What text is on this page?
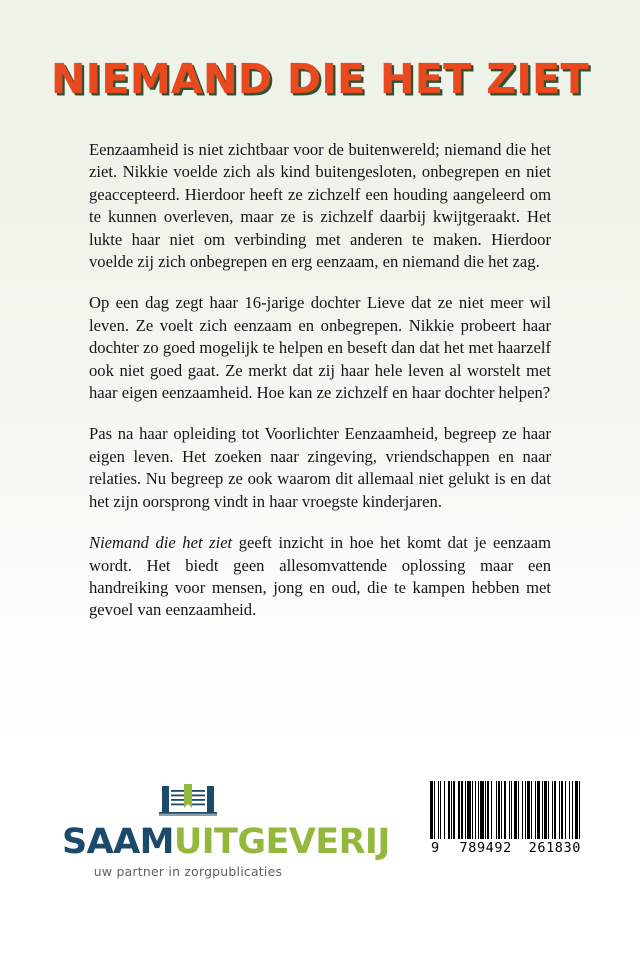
NIEMAND DIE HET ZIET

Eenzaamheid is niet zichtbaar voor de buitenwereld; niemand die het ziet. Nikkie voelde zich als kind buitengesloten, onbegrepen en niet geaccepteerd. Hierdoor heeft ze zichzelf een houding aangeleerd om te kunnen overleven, maar ze is zichzelf daarbij kwijtgeraakt. Het lukte haar niet om verbinding met anderen te maken. Hierdoor voelde zij zich onbegrepen en erg eenzaam, en niemand die het zag.

Op een dag zegt haar 16-jarige dochter Lieve dat ze niet meer wil leven. Ze voelt zich eenzaam en onbegrepen. Nikkie probeert haar dochter zo goed mogelijk te helpen en beseft dan dat het met haarzelf ook niet goed gaat. Ze merkt dat zij haar hele leven al worstelt met haar eigen eenzaamheid. Hoe kan ze zichzelf en haar dochter helpen?

Pas na haar opleiding tot Voorlichter Eenzaamheid, begreep ze haar eigen leven. Het zoeken naar zingeving, vriendschappen en naar relaties. Nu begreep ze ook waarom dit allemaal niet gelukt is en dat het zijn oorsprong vindt in haar vroegste kinderjaren.

Niemand die het ziet geeft inzicht in hoe het komt dat je eenzaam wordt. Het biedt geen allesomvattende oplossing maar een handreiking voor mensen, jong en oud, die te kampen hebben met gevoel van eenzaamheid.

SAAMUITGEVERIJ

uw partner in zorgpublicaties

9 789492 261830
